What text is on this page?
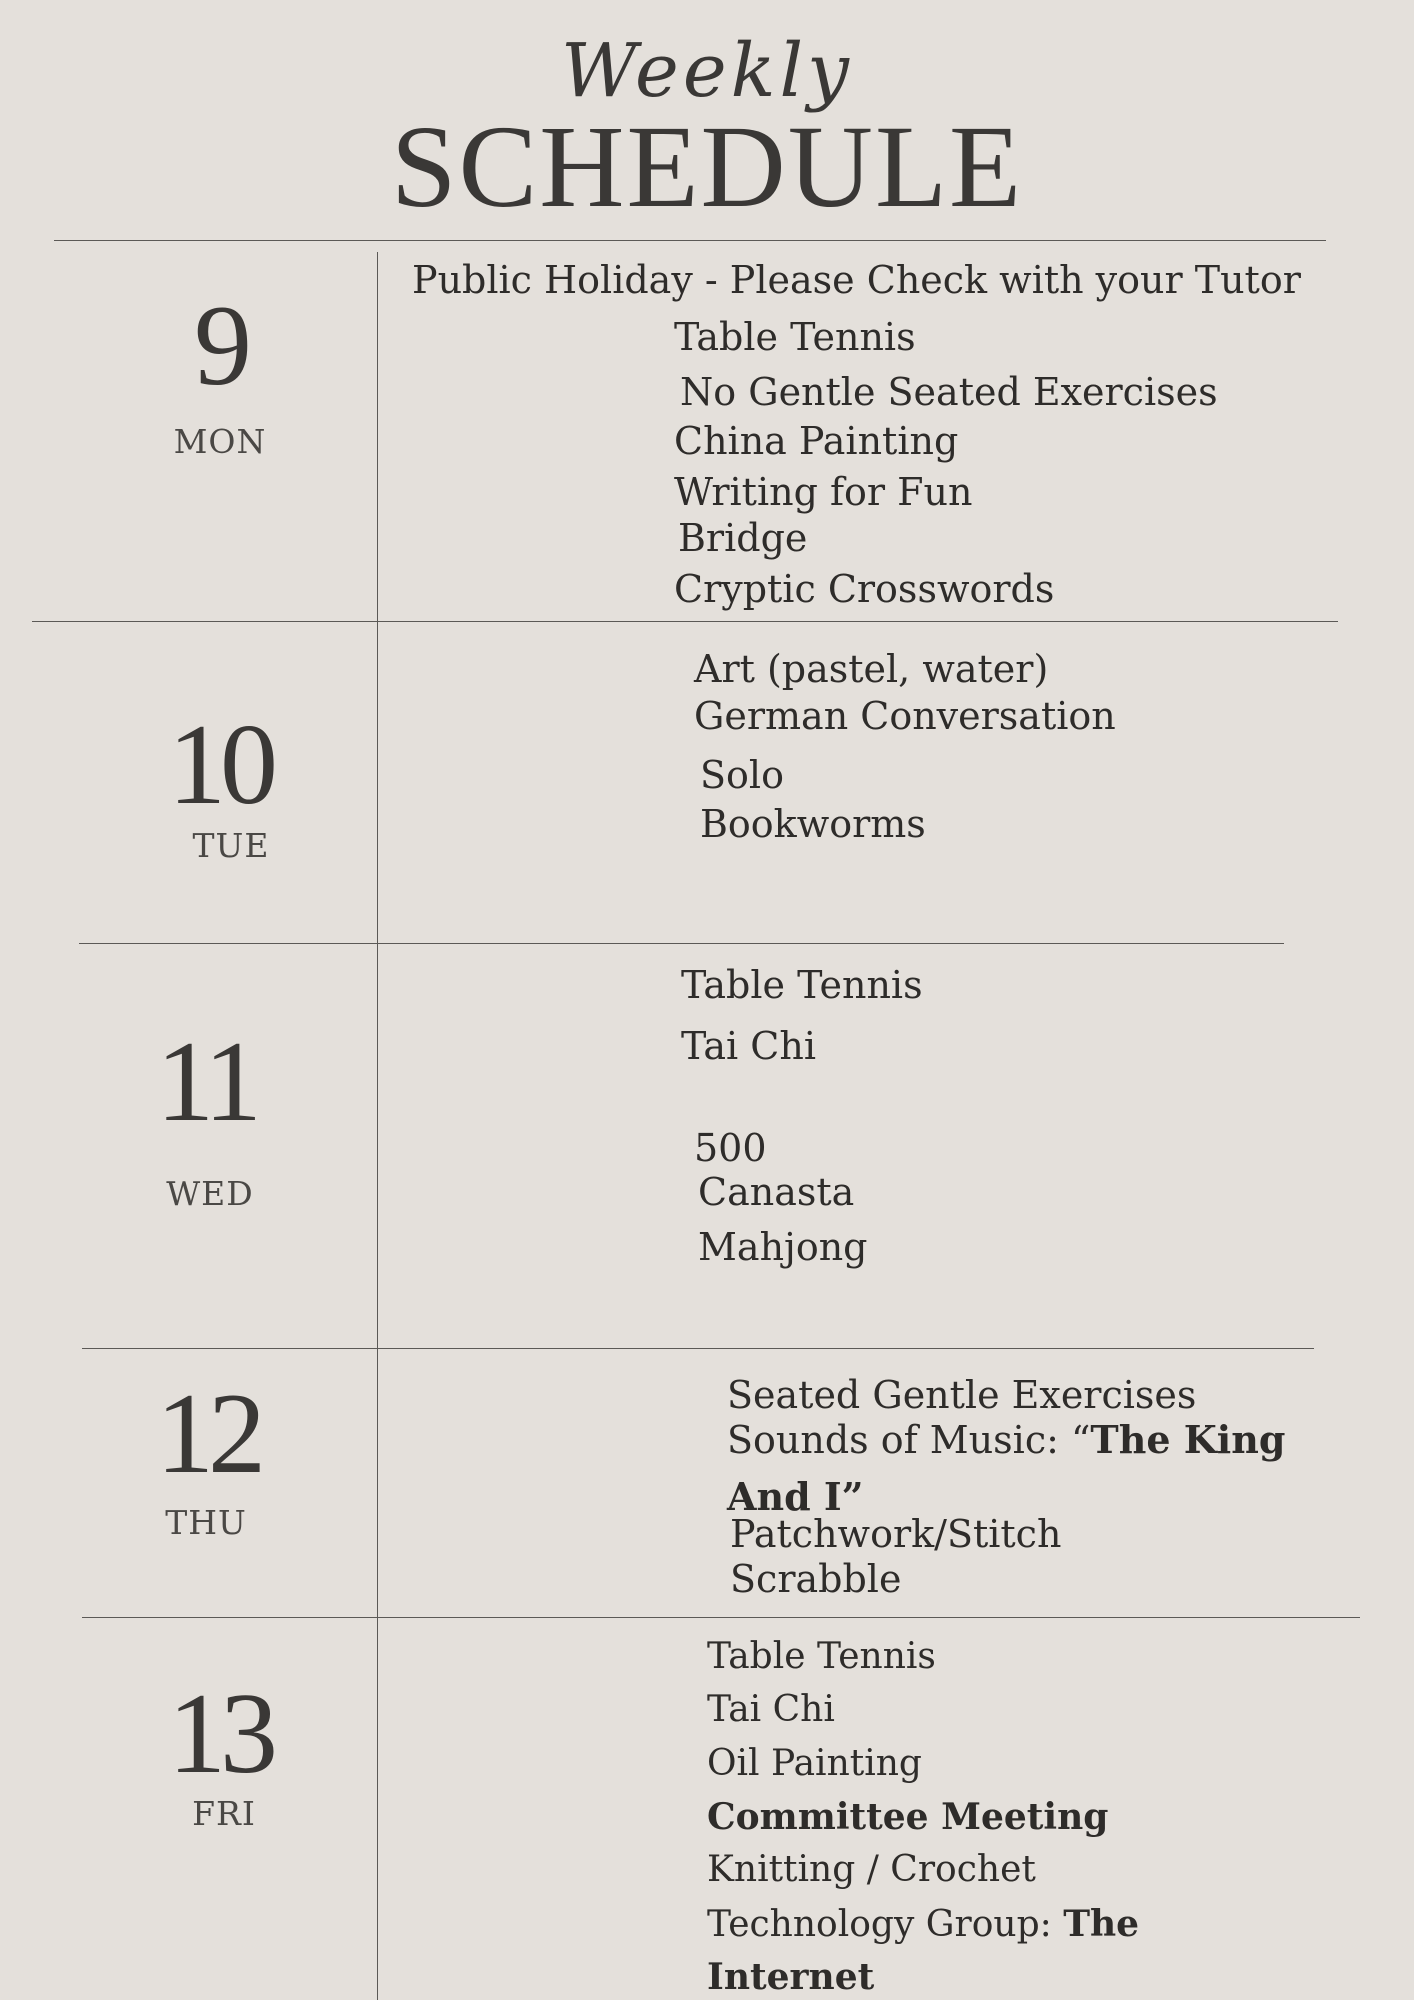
Weekly
SCHEDULE
9
MON
Public Holiday - Please Check with your Tutor
Table Tennis
No Gentle Seated Exercises
China Painting
Writing for Fun
Bridge
Cryptic Crosswords
10
TUE
Art (pastel, water)
German Conversation
Solo
Bookworms
11
WED
Table Tennis
Tai Chi
500
Canasta
Mahjong
12
THU
Seated Gentle Exercises
Sounds of Music: “The King
And I”
Patchwork/Stitch
Scrabble
13
FRI
Table Tennis
Tai Chi
Oil Painting
Committee Meeting
Knitting / Crochet
Technology Group: The
Internet
